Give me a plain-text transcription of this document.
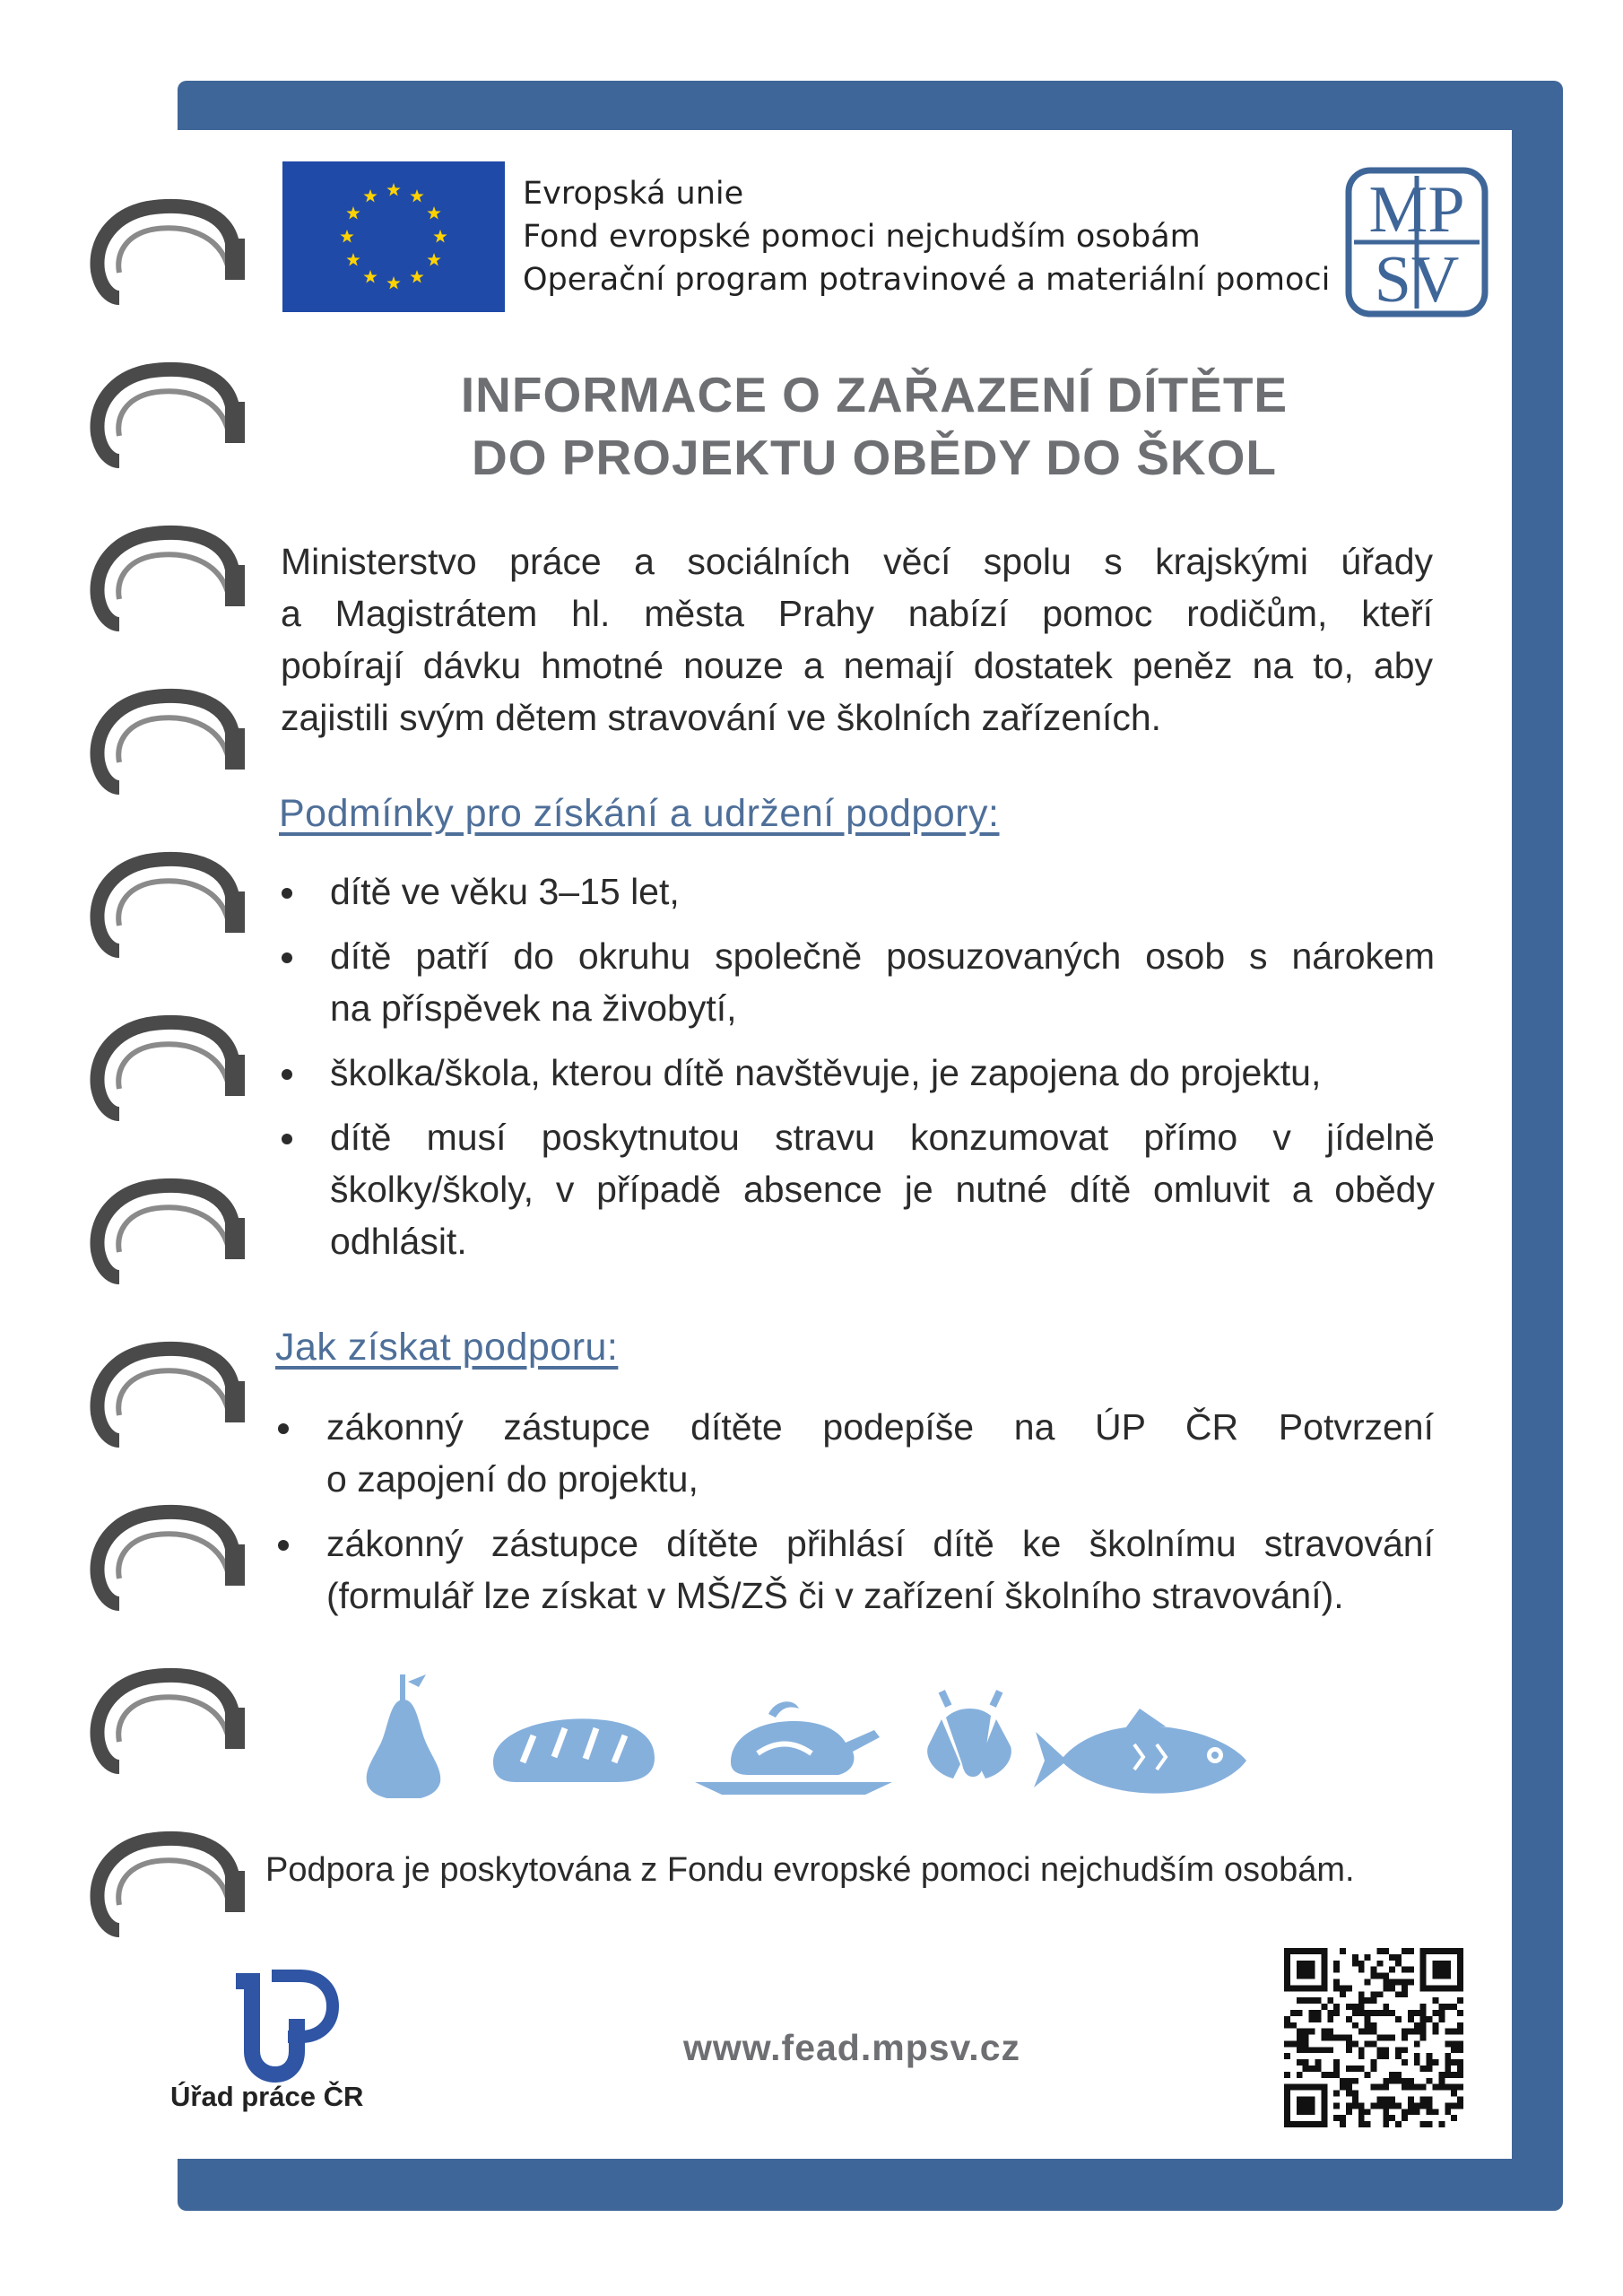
Evropská unie
Fond evropské pomoci nejchudším osobám
Operační program potravinové a materiální pomoci
MP
SV
INFORMACE O ZAŘAZENÍ DÍTĚTE
DO PROJEKTU OBĚDY DO ŠKOL
Ministerstvo práce a sociálních věcí spolu s krajskými úřady
a Magistrátem hl. města Prahy nabízí pomoc rodičům, kteří
pobírají dávku hmotné nouze a nemají dostatek peněz na to, aby
zajistili svým dětem stravování ve školních zařízeních.
Podmínky pro získání a udržení podpory:
dítě ve věku 3–15 let,
dítě patří do okruhu společně posuzovaných osob s nárokem
na příspěvek na živobytí,
školka/škola, kterou dítě navštěvuje, je zapojena do projektu,
dítě musí poskytnutou stravu konzumovat přímo v jídelně
školky/školy, v případě absence je nutné dítě omluvit a obědy
odhlásit.
Jak získat podporu:
zákonný zástupce dítěte podepíše na ÚP ČR Potvrzení
o zapojení do projektu,
zákonný zástupce dítěte přihlásí dítě ke školnímu stravování
(formulář lze získat v MŠ/ZŠ či v zařízení školního stravování).
Podpora je poskytována z Fondu evropské pomoci nejchudším osobám.
Úřad práce ČR
www.fead.mpsv.cz
